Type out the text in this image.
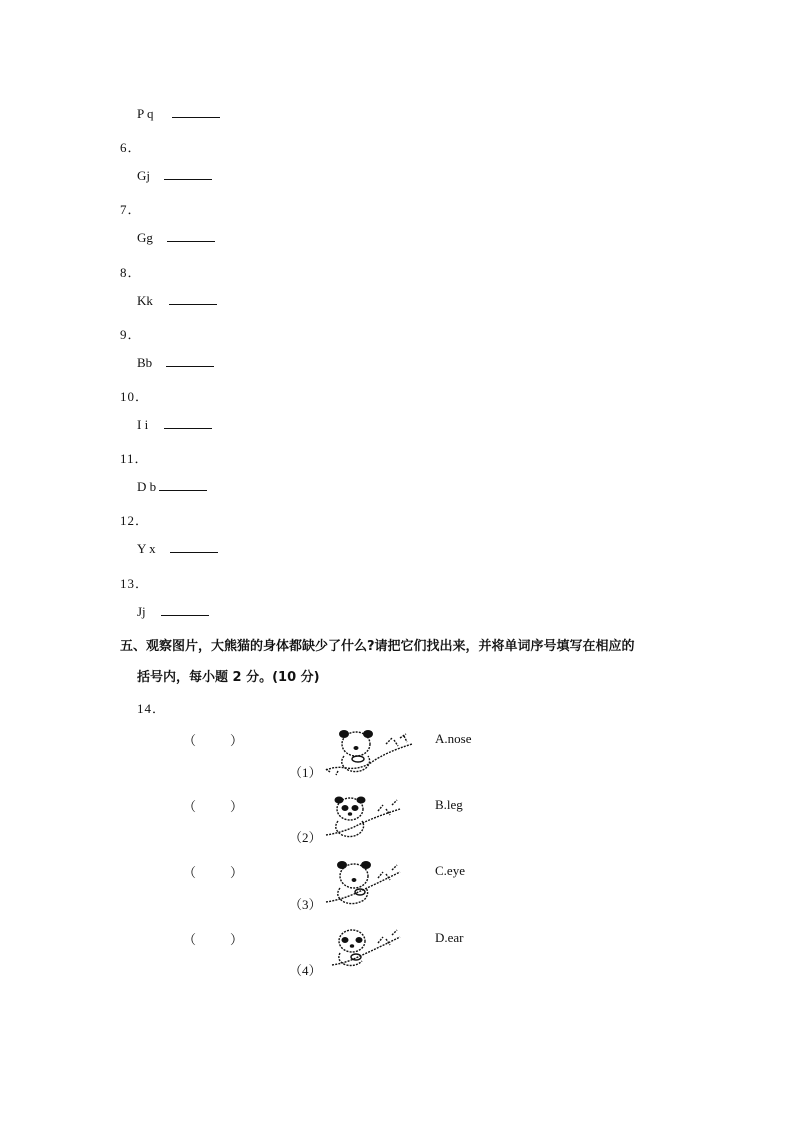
P q
6．
Gj
7．
Gg
8．
Kk
9．
Bb
10．
I i
11．
D b
12．
Y x
13．
Jj
五、观察图片，大熊猫的身体都缺少了什么?请把它们找出来，并将单词序号填写在相应的
括号内，每小题 2 分。(10 分)
14．
（	）
（1）
A.nose
（	）
（2）
B.leg
（	）
（3）
C.eye
（	）
（4）
D.ear
